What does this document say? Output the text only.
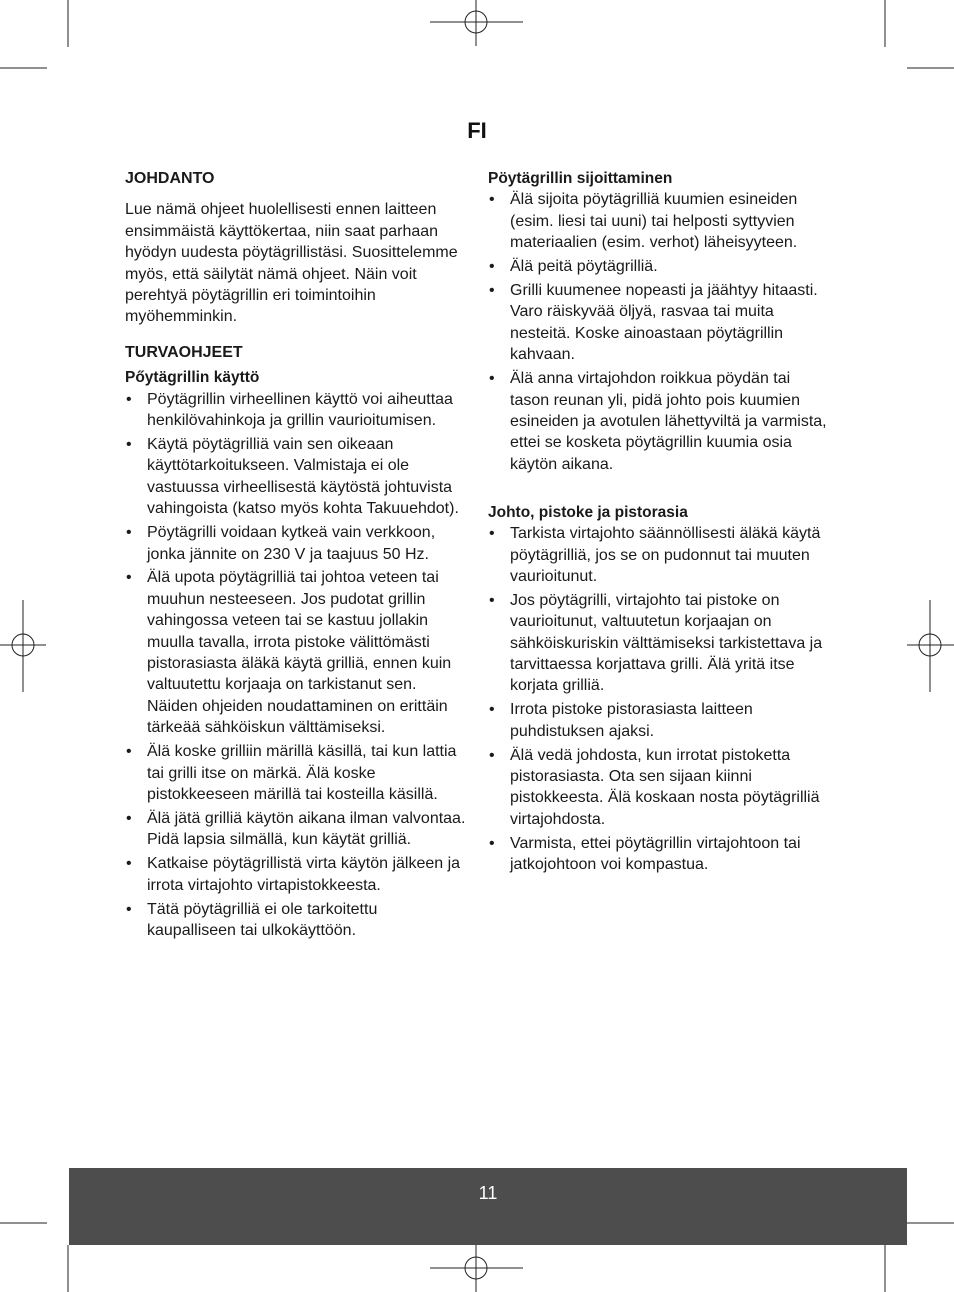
FI

JOHDANTO

Lue nämä ohjeet huolellisesti ennen laitteen ensimmäistä käyttökertaa, niin saat parhaan hyödyn uudesta pöytägrillistäsi. Suosittelemme myös, että säilytät nämä ohjeet. Näin voit perehtyä pöytägrillin eri toimintoihin myöhemminkin.

TURVAOHJEET

Pőytägrillin käyttö

• Pöytägrillin virheellinen käyttö voi aiheuttaa henkilövahinkoja ja grillin vaurioitumisen.
• Käytä pöytägrilliä vain sen oikeaan käyttötarkoitukseen. Valmistaja ei ole vastuussa virheellisestä käytöstä johtuvista vahingoista (katso myös kohta Takuuehdot).
• Pöytägrilli voidaan kytkeä vain verkkoon, jonka jännite on 230 V ja taajuus 50 Hz.
• Älä upota pöytägrilliä tai johtoa veteen tai muuhun nesteeseen. Jos pudotat grillin vahingossa veteen tai se kastuu jollakin muulla tavalla, irrota pistoke välittömästi pistorasiasta äläkä käytä grilliä, ennen kuin valtuutettu korjaaja on tarkistanut sen. Näiden ohjeiden noudattaminen on erittäin tärkeää sähköiskun välttämiseksi.
• Älä koske grilliin märillä käsillä, tai kun lattia tai grilli itse on märkä. Älä koske pistokkeeseen märillä tai kosteilla käsillä.
• Älä jätä grilliä käytön aikana ilman valvontaa. Pidä lapsia silmällä, kun käytät grilliä.
• Katkaise pöytägrillistä virta käytön jälkeen ja irrota virtajohto virtapistokkeesta.
• Tätä pöytägrilliä ei ole tarkoitettu kaupalliseen tai ulkokäyttöön.

Pöytägrillin sijoittaminen

• Älä sijoita pöytägrilliä kuumien esineiden (esim. liesi tai uuni) tai helposti syttyvien materiaalien (esim. verhot) läheisyyteen.
• Älä peitä pöytägrilliä.
• Grilli kuumenee nopeasti ja jäähtyy hitaasti. Varo räiskyvää öljyä, rasvaa tai muita nesteitä. Koske ainoastaan pöytägrillin kahvaan.
• Älä anna virtajohdon roikkua pöydän tai tason reunan yli, pidä johto pois kuumien esineiden ja avotulen lähettyviltä ja varmista, ettei se kosketa pöytägrillin kuumia osia käytön aikana.

Johto, pistoke ja pistorasia

• Tarkista virtajohto säännöllisesti äläkä käytä pöytägrilliä, jos se on pudonnut tai muuten vaurioitunut.
• Jos pöytägrilli, virtajohto tai pistoke on vaurioitunut, valtuutetun korjaajan on sähköiskuriskin välttämiseksi tarkistettava ja tarvittaessa korjattava grilli. Älä yritä itse korjata grilliä.
• Irrota pistoke pistorasiasta laitteen puhdistuksen ajaksi.
• Älä vedä johdosta, kun irrotat pistoketta pistorasiasta. Ota sen sijaan kiinni pistokkeesta. Älä koskaan nosta pöytägrilliä virtajohdosta.
• Varmista, ettei pöytägrillin virtajohtoon tai jatkojohtoon voi kompastua.
11
